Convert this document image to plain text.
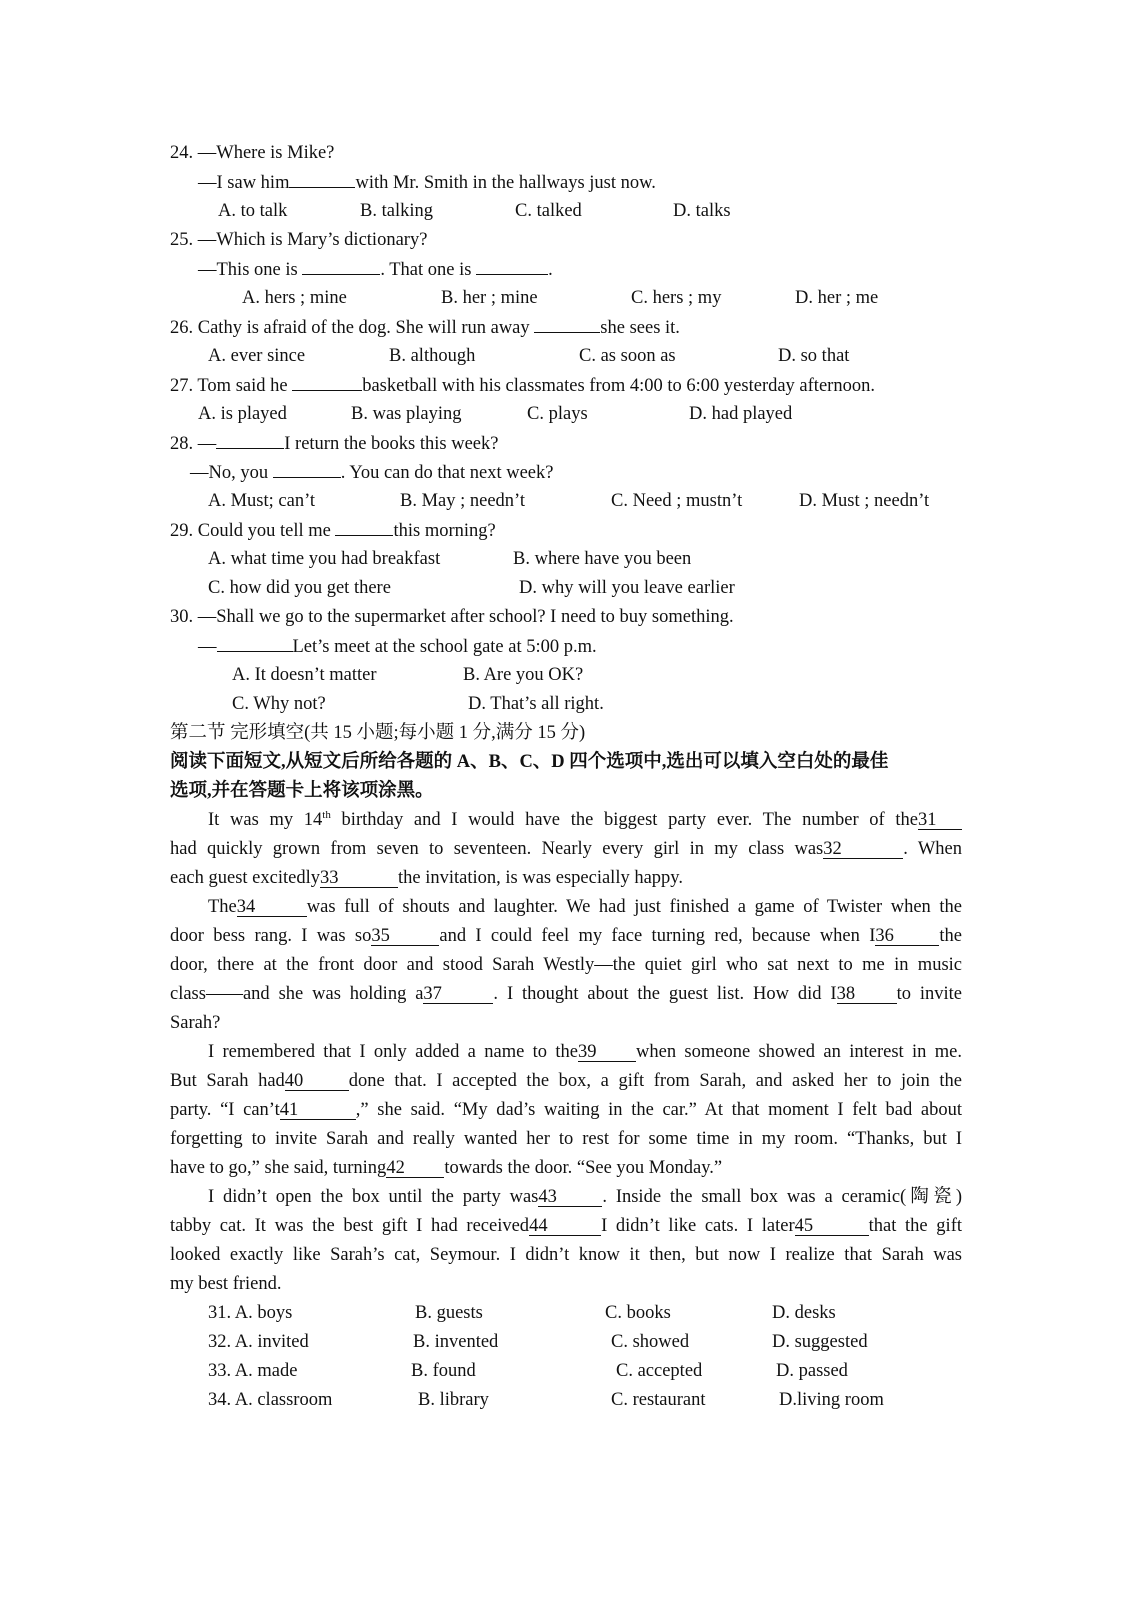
24. —Where is Mike?
—I saw him	with Mr. Smith in the hallways just now.
A. to talk	B. talking	C. talked	D. talks
25. —Which is Mary’s dictionary?
—This one is	. That one is	.
A. hers ; mine	B. her ; mine	C. hers ; my	D. her ; me
26. Cathy is afraid of the dog. She will run away	she sees it.
A. ever since	B. although	C. as soon as	D. so that
27. Tom said he	basketball with his classmates from 4:00 to 6:00 yesterday afternoon.
A. is played	B. was playing	C. plays	D. had played
28. —	I return the books this week?
—No, you	. You can do that next week?
A. Must; can’t	B. May ; needn’t	C. Need ; mustn’t	D. Must ; needn’t
29. Could you tell me	this morning?
A. what time you had breakfast	B. where have you been
C. how did you get there	D. why will you leave earlier
30. —Shall we go to the supermarket after school? I need to buy something.
—	Let’s meet at the school gate at 5:00 p.m.
A. It doesn’t matter	B. Are you OK?
C. Why not?	D. That’s all right.
第二节 完形填空(共 15 小题;每小题 1 分,满分 15 分)
阅读下面短文,从短文后所给各题的 A、B、C、D 四个选项中,选出可以填入空白处的最佳
选项,并在答题卡上将该项涂黑。
It was my 14th birthday and I would have the biggest party ever. The number of the31
had quickly grown from seven to seventeen. Nearly every girl in my class was32	. When
each guest excitedly33	the invitation, is was especially happy.
The34	was full of shouts and laughter. We had just finished a game of Twister when the
door bess rang. I was so35	and I could feel my face turning red, because when I36 the
door, there at the front door and stood Sarah Westly—the quiet girl who sat next to me in music
class——and she was holding a37	. I thought about the guest list. How did I38 to invite
Sarah?
I remembered that I only added a name to the39 when someone showed an interest in me.
But Sarah had40 done that. I accepted the box, a gift from Sarah, and asked her to join the
party. “I can’t41	,” she said. “My dad’s waiting in the car.” At that moment I felt bad about
forgetting to invite Sarah and really wanted her to rest for some time in my room. “Thanks, but I
have to go,” she said, turning42 towards the door. “See you Monday.”
I didn’t open the box until the party was43 . Inside the small box was a ceramic(陶瓷)
tabby cat. It was the best gift I had received44	I didn’t like cats. I later45	that the gift
looked exactly like Sarah’s cat, Seymour. I didn’t know it then, but now I realize that Sarah was
my best friend.
31. A. boys	B. guests	C. books	D. desks
32. A. invited	B. invented	C. showed	D. suggested
33. A. made	B. found	C. accepted	D. passed
34. A. classroom	B. library	C. restaurant	D.living room
